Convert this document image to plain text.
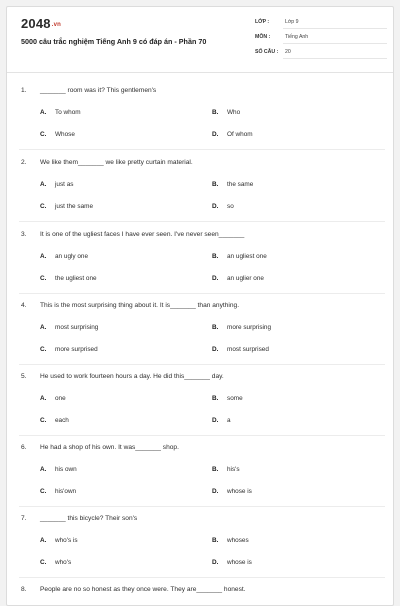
2048.vn
5000 câu trắc nghiệm Tiếng Anh 9 có đáp án - Phần 70
LỚP :	Lớp 9
MÔN :	Tiếng Anh
SỐ CÂU : 20
1. _______ room was it? This gentlemen's
A. To whom	B. Who
C. Whose	D. Of whom
2. We like them_______ we like pretty curtain material.
A. just as	B. the same
C. just the same	D. so
3. It is one of the ugliest faces I have ever seen. I've never seen_______
A. an ugly one	B. an ugliest one
C. the ugliest one	D. an uglier one
4. This is the most surprising thing about it. It is_______ than anything.
A. most surprising	B. more surprising
C. more surprised	D. most surprised
5. He used to work fourteen hours a day. He did this_______ day.
A. one	B. some
C. each	D. a
6. He had a shop of his own. It was_______ shop.
A. his own	B. his's
C. his'own	D. whose is
7. _______ this bicycle? Their son's
A. who's is	B. whoses
C. who's	D. whose is
8. People are no so honest as they once were. They are_______ honest.
